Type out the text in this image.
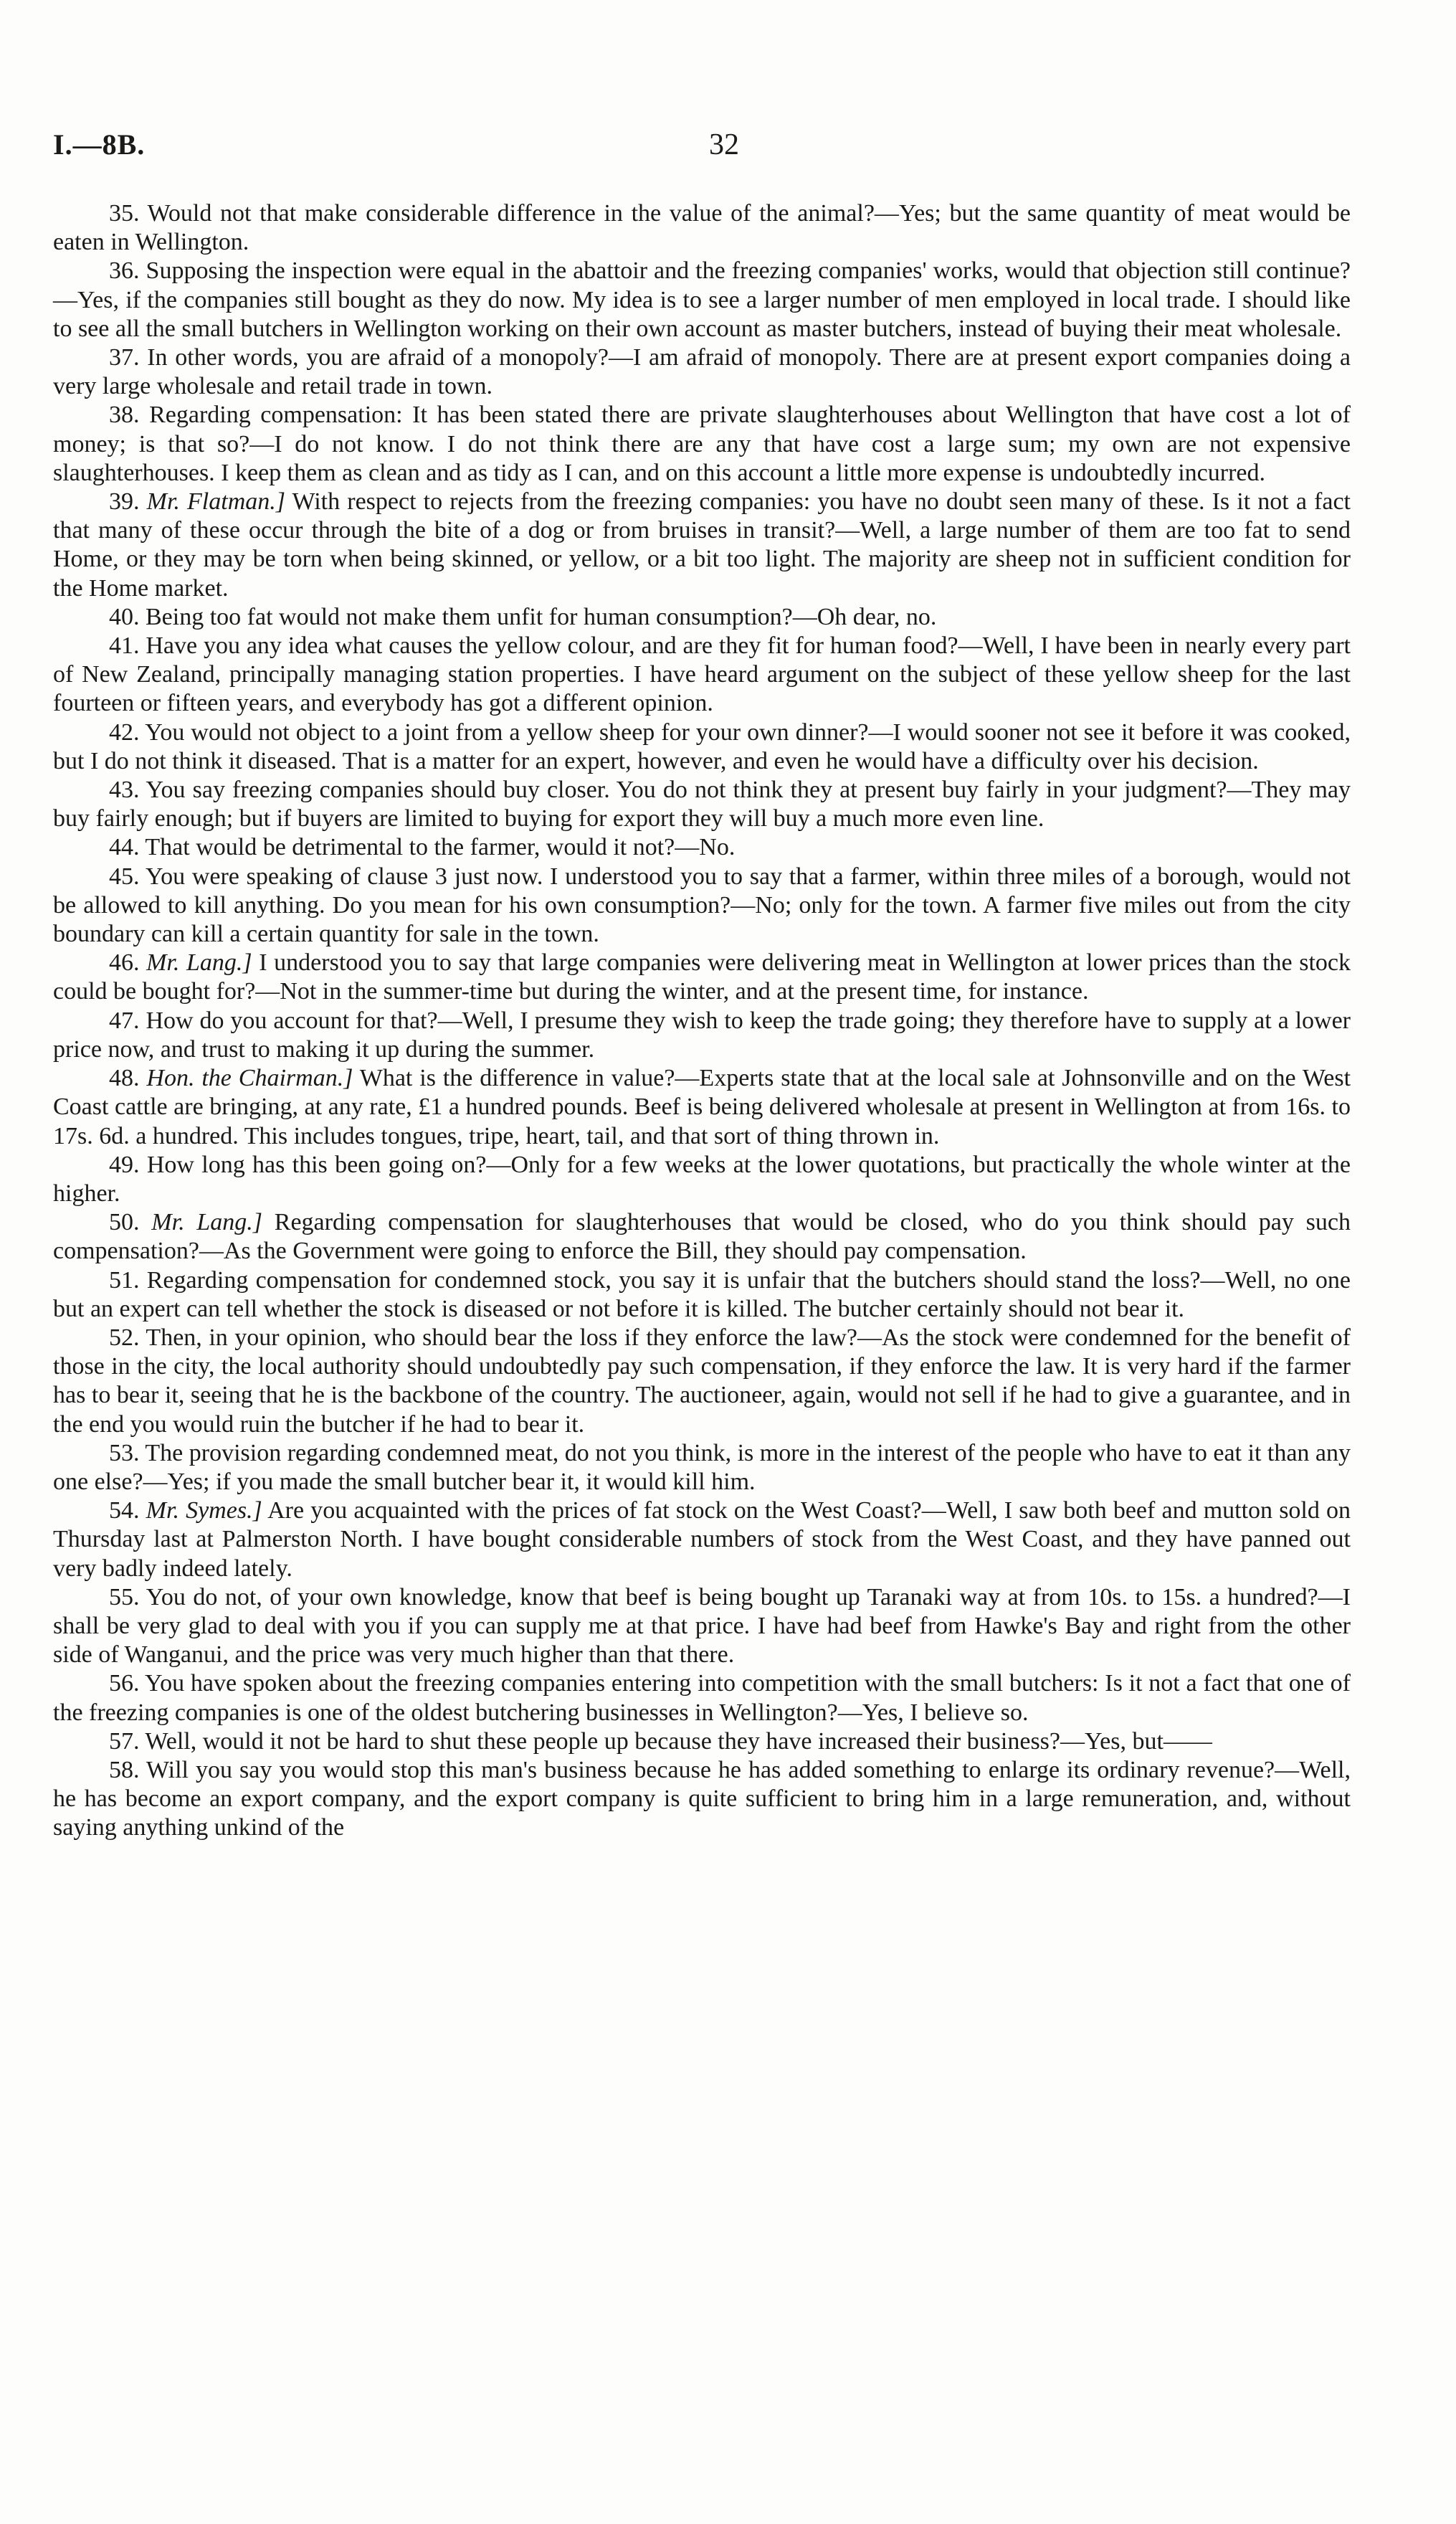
I.—8B.	32

35. Would not that make considerable difference in the value of the animal?—Yes; but the same quantity of meat would be eaten in Wellington.

36. Supposing the inspection were equal in the abattoir and the freezing companies' works, would that objection still continue?—Yes, if the companies still bought as they do now. My idea is to see a larger number of men employed in local trade. I should like to see all the small butchers in Wellington working on their own account as master butchers, instead of buying their meat wholesale.

37. In other words, you are afraid of a monopoly?—I am afraid of monopoly. There are at present export companies doing a very large wholesale and retail trade in town.

38. Regarding compensation: It has been stated there are private slaughterhouses about Wellington that have cost a lot of money; is that so?—I do not know. I do not think there are any that have cost a large sum; my own are not expensive slaughterhouses. I keep them as clean and as tidy as I can, and on this account a little more expense is undoubtedly incurred.

39. Mr. Flatman.] With respect to rejects from the freezing companies: you have no doubt seen many of these. Is it not a fact that many of these occur through the bite of a dog or from bruises in transit?—Well, a large number of them are too fat to send Home, or they may be torn when being skinned, or yellow, or a bit too light. The majority are sheep not in sufficient condition for the Home market.

40. Being too fat would not make them unfit for human consumption?—Oh dear, no.

41. Have you any idea what causes the yellow colour, and are they fit for human food?—Well, I have been in nearly every part of New Zealand, principally managing station properties. I have heard argument on the subject of these yellow sheep for the last fourteen or fifteen years, and everybody has got a different opinion.

42. You would not object to a joint from a yellow sheep for your own dinner?—I would sooner not see it before it was cooked, but I do not think it diseased. That is a matter for an expert, however, and even he would have a difficulty over his decision.

43. You say freezing companies should buy closer. You do not think they at present buy fairly in your judgment?—They may buy fairly enough; but if buyers are limited to buying for export they will buy a much more even line.

44. That would be detrimental to the farmer, would it not?—No.

45. You were speaking of clause 3 just now. I understood you to say that a farmer, within three miles of a borough, would not be allowed to kill anything. Do you mean for his own consumption?—No; only for the town. A farmer five miles out from the city boundary can kill a certain quantity for sale in the town.

46. Mr. Lang.] I understood you to say that large companies were delivering meat in Wellington at lower prices than the stock could be bought for?—Not in the summer-time but during the winter, and at the present time, for instance.

47. How do you account for that?—Well, I presume they wish to keep the trade going; they therefore have to supply at a lower price now, and trust to making it up during the summer.

48. Hon. the Chairman.] What is the difference in value?—Experts state that at the local sale at Johnsonville and on the West Coast cattle are bringing, at any rate, £1 a hundred pounds. Beef is being delivered wholesale at present in Wellington at from 16s. to 17s. 6d. a hundred. This includes tongues, tripe, heart, tail, and that sort of thing thrown in.

49. How long has this been going on?—Only for a few weeks at the lower quotations, but practically the whole winter at the higher.

50. Mr. Lang.] Regarding compensation for slaughterhouses that would be closed, who do you think should pay such compensation?—As the Government were going to enforce the Bill, they should pay compensation.

51. Regarding compensation for condemned stock, you say it is unfair that the butchers should stand the loss?—Well, no one but an expert can tell whether the stock is diseased or not before it is killed. The butcher certainly should not bear it.

52. Then, in your opinion, who should bear the loss if they enforce the law?—As the stock were condemned for the benefit of those in the city, the local authority should undoubtedly pay such compensation, if they enforce the law. It is very hard if the farmer has to bear it, seeing that he is the backbone of the country. The auctioneer, again, would not sell if he had to give a guarantee, and in the end you would ruin the butcher if he had to bear it.

53. The provision regarding condemned meat, do not you think, is more in the interest of the people who have to eat it than any one else?—Yes; if you made the small butcher bear it, it would kill him.

54. Mr. Symes.] Are you acquainted with the prices of fat stock on the West Coast?—Well, I saw both beef and mutton sold on Thursday last at Palmerston North. I have bought considerable numbers of stock from the West Coast, and they have panned out very badly indeed lately.

55. You do not, of your own knowledge, know that beef is being bought up Taranaki way at from 10s. to 15s. a hundred?—I shall be very glad to deal with you if you can supply me at that price. I have had beef from Hawke's Bay and right from the other side of Wanganui, and the price was very much higher than that there.

56. You have spoken about the freezing companies entering into competition with the small butchers: Is it not a fact that one of the freezing companies is one of the oldest butchering businesses in Wellington?—Yes, I believe so.

57. Well, would it not be hard to shut these people up because they have increased their business?—Yes, but——

58. Will you say you would stop this man's business because he has added something to enlarge its ordinary revenue?—Well, he has become an export company, and the export company is quite sufficient to bring him in a large remuneration, and, without saying anything unkind of the
